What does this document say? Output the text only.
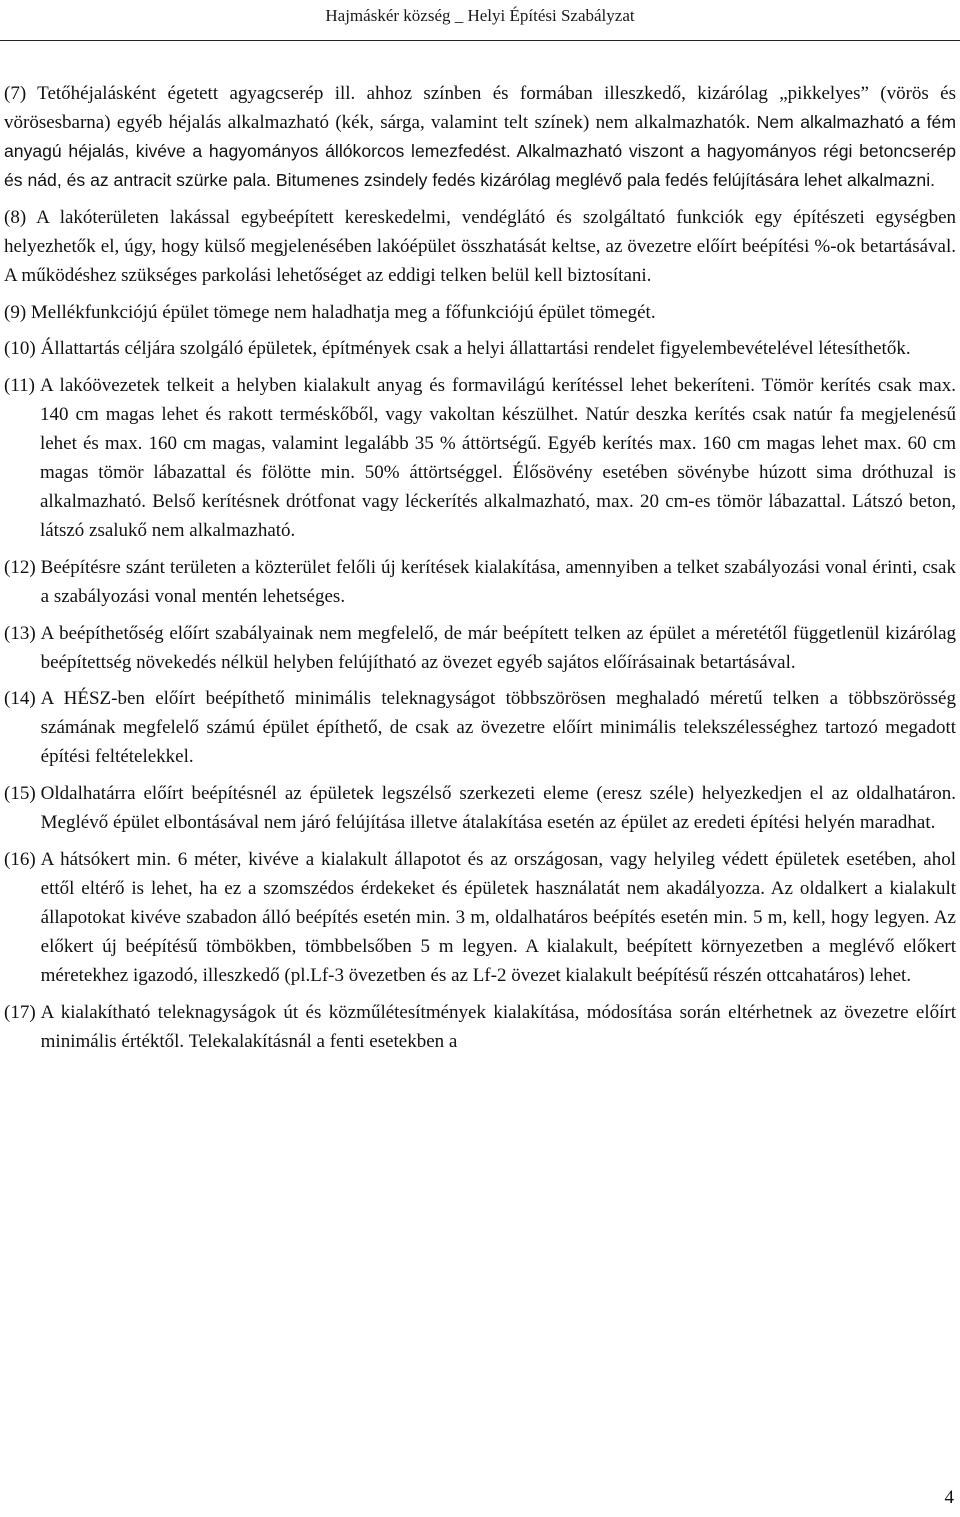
Hajmáskér község _ Helyi Építési Szabályzat
(7) Tetőhéjalásként égetett agyagcserép ill. ahhoz színben és formában illeszkedő, kizárólag „pikkelyes” (vörös és vörösesbarna) egyéb héjalás alkalmazható (kék, sárga, valamint telt színek) nem alkalmazhatók. Nem alkalmazható a fém anyagú héjalás, kivéve a hagyományos állókorcos lemezfedést. Alkalmazható viszont a hagyományos régi betoncserép és nád, és az antracit szürke pala. Bitumenes zsindely fedés kizárólag meglévő pala fedés felújítására lehet alkalmazni.
(8) A lakóterületen lakással egybeépített kereskedelmi, vendéglátó és szolgáltató funkciók egy építészeti egységben helyezhetők el, úgy, hogy külső megjelenésében lakóépület összhatását keltse, az övezetre előírt beépítési %-ok betartásával. A működéshez szükséges parkolási lehetőséget az eddigi telken belül kell biztosítani.
(9) Mellékfunkciójú épület tömege nem haladhatja meg a főfunkciójú épület tömegét.
(10) Állattartás céljára szolgáló épületek, építmények csak a helyi állattartási rendelet figyelembevételével létesíthetők.
(11) A lakóövezetek telkeit a helyben kialakult anyag és formavilágú kerítéssel lehet bekeríteni. Tömör kerítés csak max. 140 cm magas lehet és rakott terméskőből, vagy vakoltan készülhet. Natúr deszka kerítés csak natúr fa megjelenésű lehet és max. 160 cm magas, valamint legalább 35 % áttörtségű. Egyéb kerítés max. 160 cm magas lehet max. 60 cm magas tömör lábazattal és fölötte min. 50% áttörtséggel. Élősövény esetében sövénybe húzott sima dróthuzal is alkalmazható. Belső kerítésnek drótfonat vagy léckerítés alkalmazható, max. 20 cm-es tömör lábazattal. Látszó beton, látszó zsalukő nem alkalmazható.
(12) Beépítésre szánt területen a közterület felőli új kerítések kialakítása, amennyiben a telket szabályozási vonal érinti, csak a szabályozási vonal mentén lehetséges.
(13) A beépíthetőség előírt szabályainak nem megfelelő, de már beépített telken az épület a méretétől függetlenül kizárólag beépítettség növekedés nélkül helyben felújítható az övezet egyéb sajátos előírásainak betartásával.
(14) A HÉSZ-ben előírt beépíthető minimális teleknagyságot többszörösen meghaladó méretű telken a többszörösség számának megfelelő számú épület építhető, de csak az övezetre előírt minimális telekszélességhez tartozó megadott építési feltételekkel.
(15) Oldalhatárra előírt beépítésnél az épületek legszélső szerkezeti eleme (eresz széle) helyezkedjen el az oldalhatáron. Meglévő épület elbontásával nem járó felújítása illetve átalakítása esetén az épület az eredeti építési helyén maradhat.
(16) A hátsókert min. 6 méter, kivéve a kialakult állapotot és az országosan, vagy helyileg védett épületek esetében, ahol ettől eltérő is lehet, ha ez a szomszédos érdekeket és épületek használatát nem akadályozza. Az oldalkert a kialakult állapotokat kivéve szabadon álló beépítés esetén min. 3 m, oldalhatáros beépítés esetén min. 5 m, kell, hogy legyen. Az előkert új beépítésű tömbökben, tömbbelsőben 5 m legyen. A kialakult, beépített környezetben a meglévő előkert méretekhez igazodó, illeszkedő (pl.Lf-3 övezetben és az Lf-2 övezet kialakult beépítésű részén ottcahatáros) lehet.
(17) A kialakítható teleknagyságok út és közműlétesítmények kialakítása, módosítása során eltérhetnek az övezetre előírt minimális értéktől. Telekalakításnál a fenti esetekben a
4
